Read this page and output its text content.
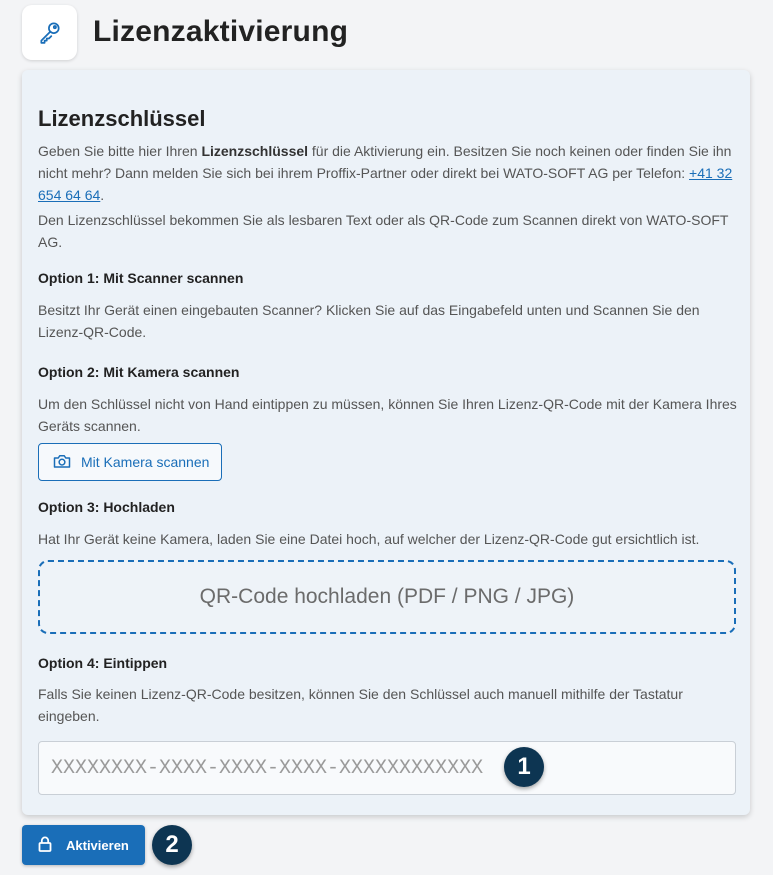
Lizenzaktivierung
Lizenzschlüssel
Geben Sie bitte hier Ihren Lizenzschlüssel für die Aktivierung ein. Besitzen Sie noch keinen oder finden Sie ihn nicht mehr? Dann melden Sie sich bei ihrem Proffix-Partner oder direkt bei WATO-SOFT AG per Telefon: +41 32 654 64 64.
Den Lizenzschlüssel bekommen Sie als lesbaren Text oder als QR-Code zum Scannen direkt von WATO-SOFT AG.
Option 1: Mit Scanner scannen
Besitzt Ihr Gerät einen eingebauten Scanner? Klicken Sie auf das Eingabefeld unten und Scannen Sie den Lizenz-QR-Code.
Option 2: Mit Kamera scannen
Um den Schlüssel nicht von Hand eintippen zu müssen, können Sie Ihren Lizenz-QR-Code mit der Kamera Ihres Geräts scannen.
Mit Kamera scannen
Option 3: Hochladen
Hat Ihr Gerät keine Kamera, laden Sie eine Datei hoch, auf welcher der Lizenz-QR-Code gut ersichtlich ist.
QR-Code hochladen (PDF / PNG / JPG)
Option 4: Eintippen
Falls Sie keinen Lizenz-QR-Code besitzen, können Sie den Schlüssel auch manuell mithilfe der Tastatur eingeben.
XXXXXXXX-XXXX-XXXX-XXXX-XXXXXXXXXXXX
1
Aktivieren	2
